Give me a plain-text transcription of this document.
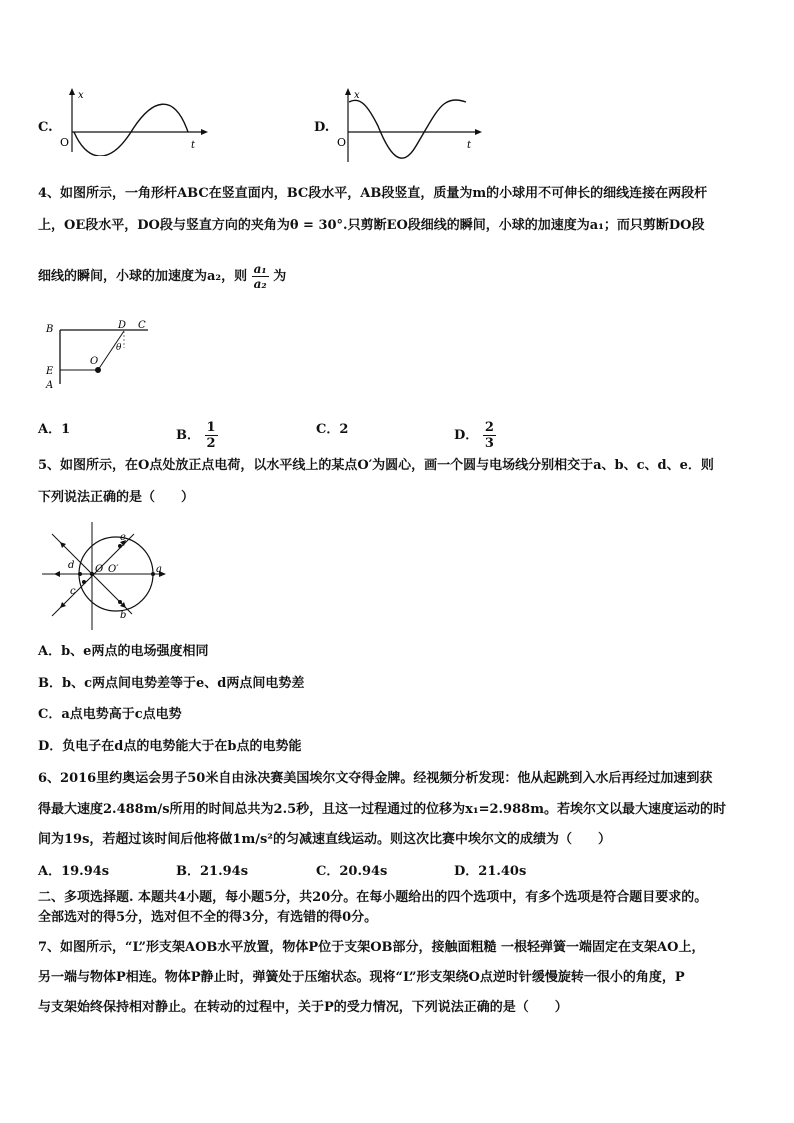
C.
x
O	t
D.
x
O	t
4、如图所示，一角形杆ABC在竖直面内，BC段水平，AB段竖直，质量为m的小球用不可伸长的细线连接在两段杆
上，OE段水平，DO段与竖直方向的夹角为θ = 30°.只剪断EO段细线的瞬间，小球的加速度为a₁；而只剪断DO段
细线的瞬间，小球的加速度为a₂，则 $\frac{\text{a₁}}{\text{a₂}}$ 为
B	D C
O
θ
E
A
A．1	B． $\frac{1}{2}$	C．2	D． $\frac{2}{3}$
5、如图所示，在O点处放正点电荷，以水平线上的某点O′为圆心，画一个圆与电场线分别相交于a、b、c、d、e．则
下列说法正确的是（　　）
O O′	a
b
c
d
e
A．b、e两点的电场强度相同
B．b、c两点间电势差等于e、d两点间电势差
C．a点电势高于c点电势
D．负电子在d点的电势能大于在b点的电势能
6、2016里约奥运会男子50米自由泳决赛美国埃尔文夺得金牌。经视频分析发现：他从起跳到入水后再经过加速到获
得最大速度2.488m/s所用的时间总共为2.5秒，且这一过程通过的位移为x₁=2.988m。若埃尔文以最大速度运动的时
间为19s，若超过该时间后他将做1m/s²的匀减速直线运动。则这次比赛中埃尔文的成绩为（　　）
A．19.94s	B．21.94s	C．20.94s	D．21.40s
二、多项选择题. 本题共4小题，每小题5分，共20分。在每小题给出的四个选项中，有多个选项是符合题目要求的。
全部选对的得5分，选对但不全的得3分，有选错的得0分。
7、如图所示，“L”形支架AOB水平放置，物体P位于支架OB部分，接触面粗糙 一根轻弹簧一端固定在支架AO上，
另一端与物体P相连。物体P静止时，弹簧处于压缩状态。现将“L”形支架绕O点逆时针缓慢旋转一很小的角度，P
与支架始终保持相对静止。在转动的过程中，关于P的受力情况，下列说法正确的是（　　）
